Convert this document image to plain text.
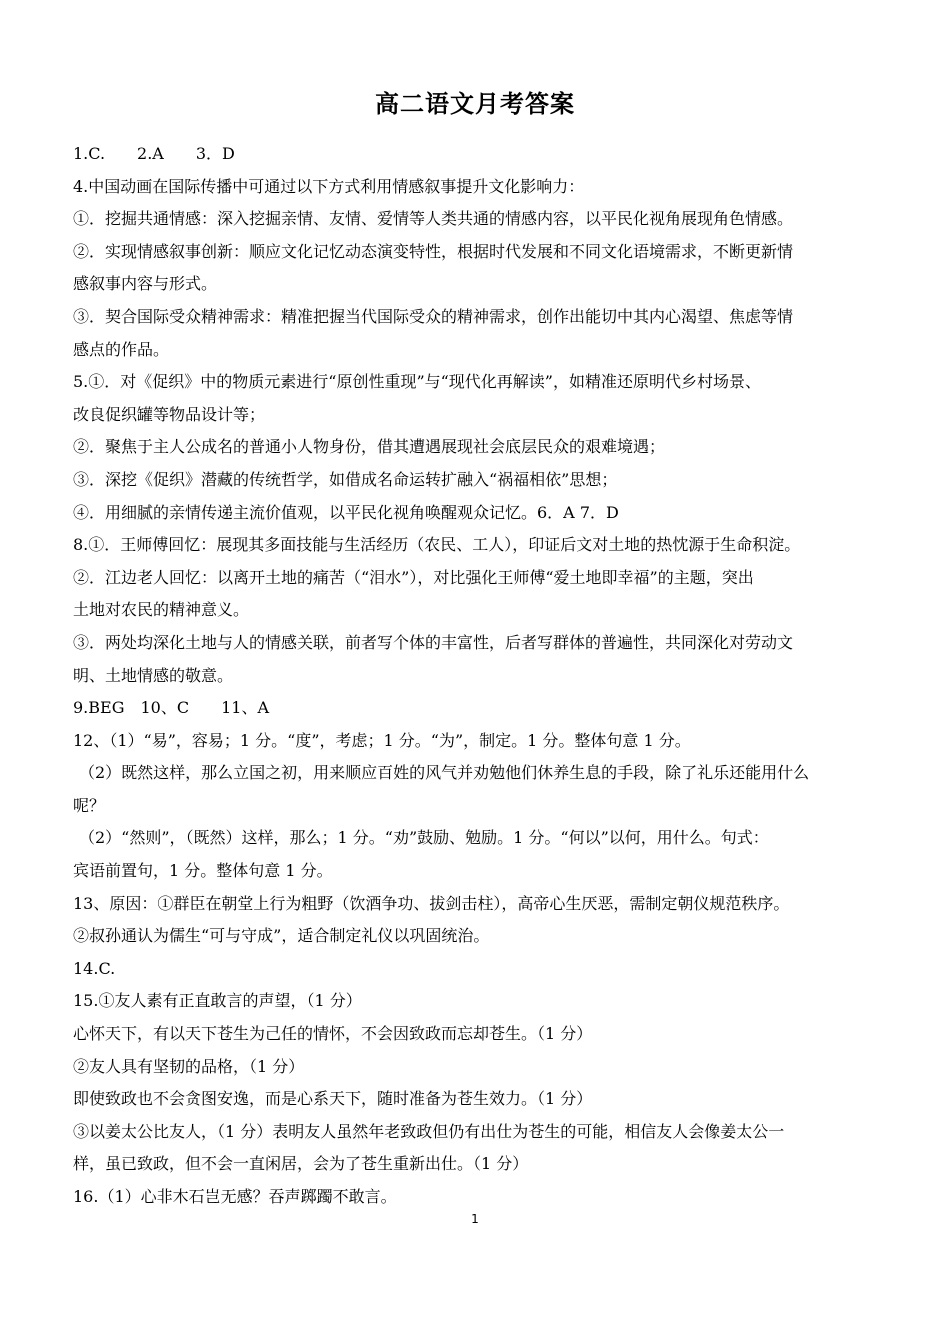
高二语文月考答案
1.C.　　2.A　　3．D
4.中国动画在国际传播中可通过以下方式利用情感叙事提升文化影响力：
①．挖掘共通情感：深入挖掘亲情、友情、爱情等人类共通的情感内容，以平民化视角展现角色情感。
②．实现情感叙事创新：顺应文化记忆动态演变特性，根据时代发展和不同文化语境需求，不断更新情
感叙事内容与形式。
③．契合国际受众精神需求：精准把握当代国际受众的精神需求，创作出能切中其内心渴望、焦虑等情
感点的作品。
5.①．对《促织》中的物质元素进行“原创性重现”与“现代化再解读”，如精准还原明代乡村场景、
改良促织罐等物品设计等；
②．聚焦于主人公成名的普通小人物身份，借其遭遇展现社会底层民众的艰难境遇；
③．深挖《促织》潜藏的传统哲学，如借成名命运转扩融入“祸福相依”思想；
④．用细腻的亲情传递主流价值观，以平民化视角唤醒观众记忆。6．A 7．D
8.①．王师傅回忆：展现其多面技能与生活经历（农民、工人），印证后文对土地的热忱源于生命积淀。
②．江边老人回忆：以离开土地的痛苦（“泪水”），对比强化王师傅“爱土地即幸福”的主题，突出
土地对农民的精神意义。
③．两处均深化土地与人的情感关联，前者写个体的丰富性，后者写群体的普遍性，共同深化对劳动文
明、土地情感的敬意。
9.BEG　10、C　　11、A
12、（1）“易”，容易；1 分。“度”，考虑；1 分。“为”，制定。1 分。整体句意 1 分。
（2）既然这样，那么立国之初，用来顺应百姓的风气并劝勉他们休养生息的手段，除了礼乐还能用什么
呢？
（2）“然则”，（既然）这样，那么；1 分。“劝”鼓励、勉励。1 分。“何以”以何，用什么。句式：
宾语前置句，1 分。整体句意 1 分。
13、原因：①群臣在朝堂上行为粗野（饮酒争功、拔剑击柱），高帝心生厌恶，需制定朝仪规范秩序。
②叔孙通认为儒生“可与守成”，适合制定礼仪以巩固统治。
14.C.
15.①友人素有正直敢言的声望，（1 分）
心怀天下，有以天下苍生为己任的情怀，不会因致政而忘却苍生。（1 分）
②友人具有坚韧的品格，（1 分）
即使致政也不会贪图安逸，而是心系天下，随时准备为苍生效力。（1 分）
③以姜太公比友人，（1 分）表明友人虽然年老致政但仍有出仕为苍生的可能，相信友人会像姜太公一
样，虽已致政，但不会一直闲居，会为了苍生重新出仕。（1 分）
16.（1）心非木石岂无感？吞声踯躅不敢言。
1
